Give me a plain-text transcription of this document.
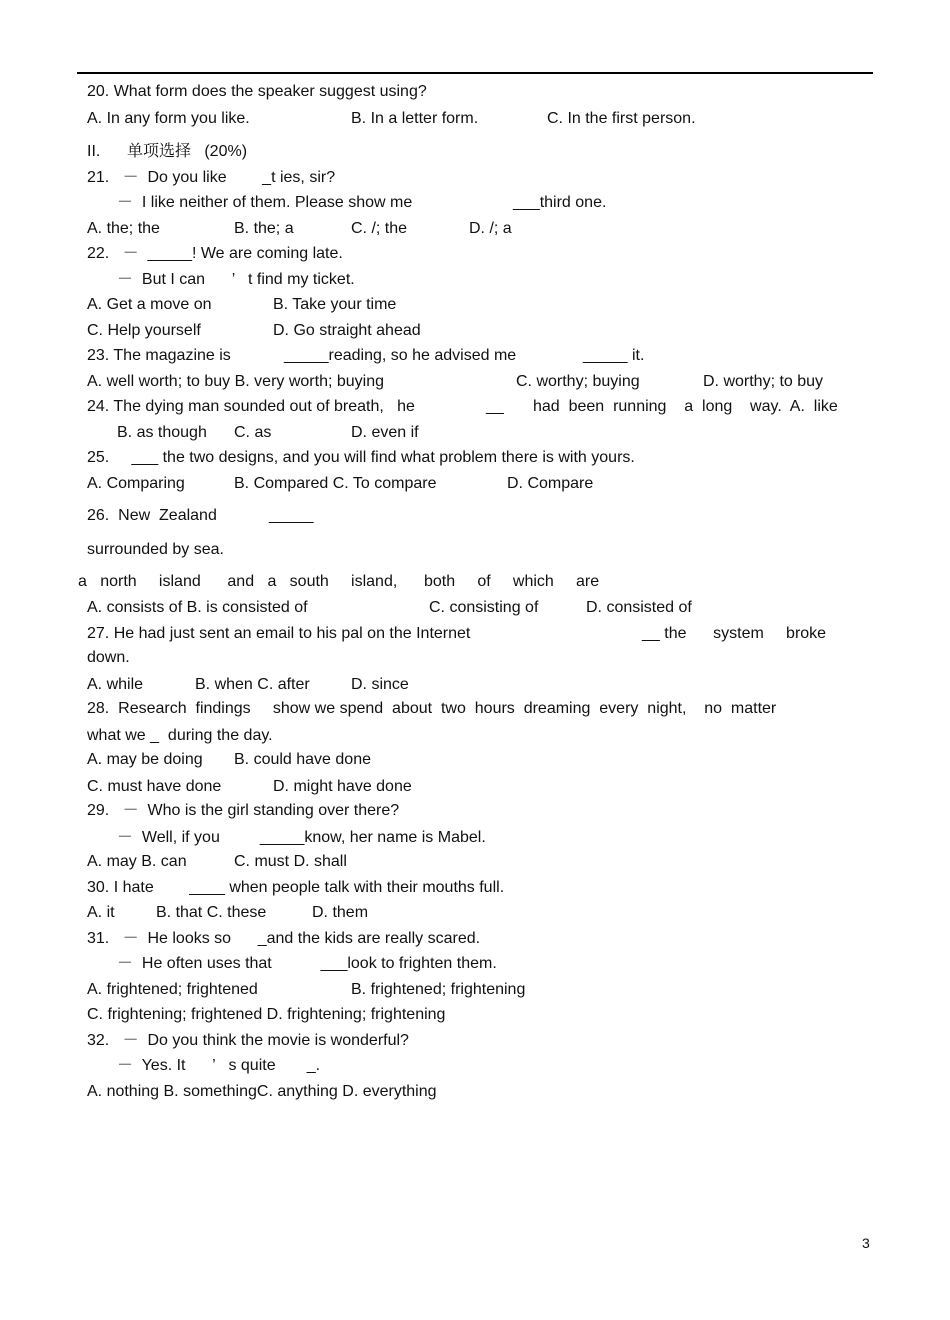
20. What form does the speaker suggest using?
A. In any form you like.	B. In a letter form.	C. In the first person.
II.      单项选择   (20%)
21.   －  Do you like        _t ies, sir?
－  I like neither of them. Please show me	___third one.
A. the; the	B. the; a	C. /; the	D. /; a
22.   －  _____! We are coming late.
－  But I can      ’   t find my ticket.
A. Get a move on	B. Take your time
C. Help yourself	D. Go straight ahead
23. The magazine is	_____reading, so he advised me	_____ it.
A. well worth; to buy B. very worth; buying	C. worthy; buying	D. worthy; to buy
24. The dying man sounded out of breath,   he	__ had  been  running    a  long    way.  A.  like
B. as though C. as	D. even if
25.     ___ the two designs, and you will find what problem there is with yours.
A. Comparing	B. Compared C. To compare	D. Compare
26.  New  Zealand	_____
surrounded by sea.
a   north     island      and   a   south     island,      both     of     which     are
A. consists of B. is consisted of	C. consisting of	D. consisted of
27. He had just sent an email to his pal on the Internet	__ the      system     broke
down.
A. while	B. when C. after	D. since
28.  Research  findings     show we spend  about  two  hours  dreaming  every  night,    no  matter
what we _  during the day.
A. may be doing B. could have done
C. must have done	D. might have done
29.   －  Who is the girl standing over there?
－  Well, if you         _____know, her name is Mabel.
A. may B. can	C. must D. shall
30. I hate        ____ when people talk with their mouths full.
A. it	B. that C. these	D. them
31.   －  He looks so      _and the kids are really scared.
－  He often uses that           ___look to frighten them.
A. frightened; frightened	B. frightened; frightening
C. frightening; frightened D. frightening; frightening
32.   －  Do you think the movie is wonderful?
－  Yes. It      ’   s quite       _.
A. nothing B. somethingC. anything D. everything
3
